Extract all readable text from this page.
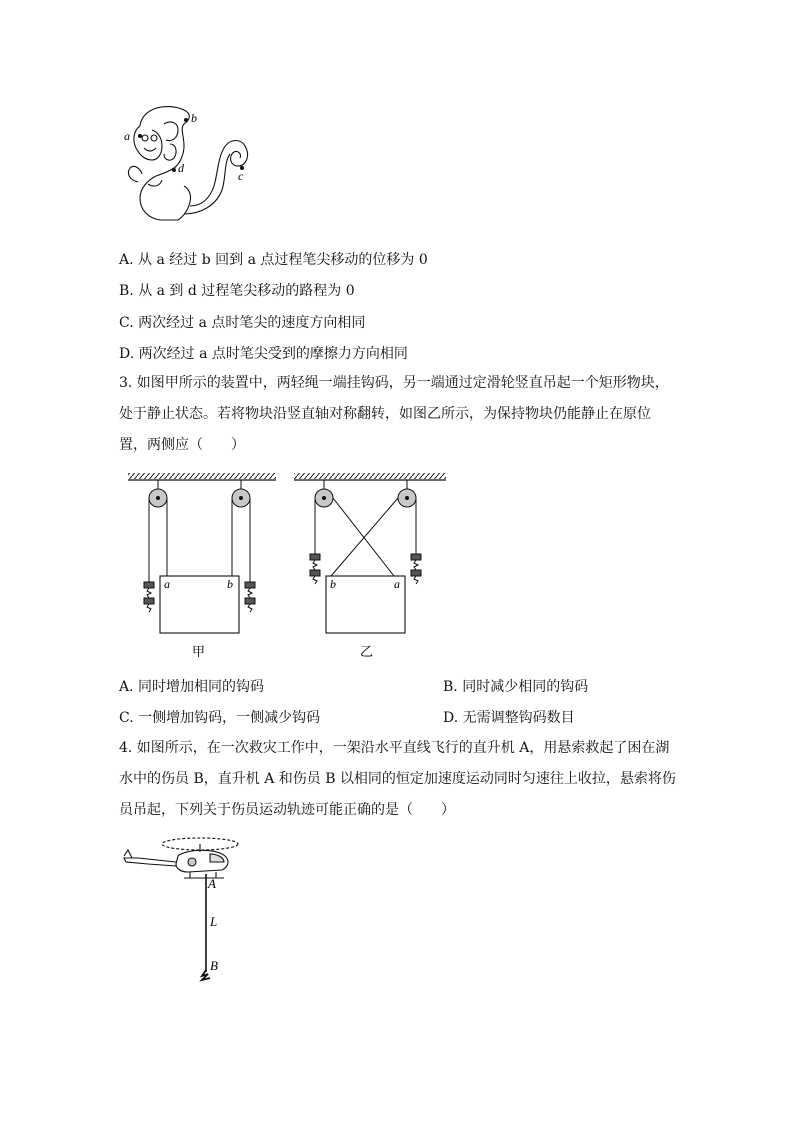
a
b
c
d
A. 从 a 经过 b 回到 a 点过程笔尖移动的位移为 0
B. 从 a 到 d 过程笔尖移动的路程为 0
C. 两次经过 a 点时笔尖的速度方向相同
D. 两次经过 a 点时笔尖受到的摩擦力方向相同
3. 如图甲所示的装置中，两轻绳一端挂钩码，另一端通过定滑轮竖直吊起一个矩形物块，
处于静止状态。若将物块沿竖直轴对称翻转，如图乙所示，为保持物块仍能静止在原位
置，两侧应（　　）
a	b
甲
b	a
乙
A. 同时增加相同的钩码	B. 同时减少相同的钩码
C. 一侧增加钩码，一侧减少钩码	D. 无需调整钩码数目
4. 如图所示，在一次救灾工作中，一架沿水平直线飞行的直升机 A，用悬索救起了困在湖
水中的伤员 B，直升机 A 和伤员 B 以相同的恒定加速度运动同时匀速往上收拉，悬索将伤
员吊起，下列关于伤员运动轨迹可能正确的是（　　）
A
L
B
